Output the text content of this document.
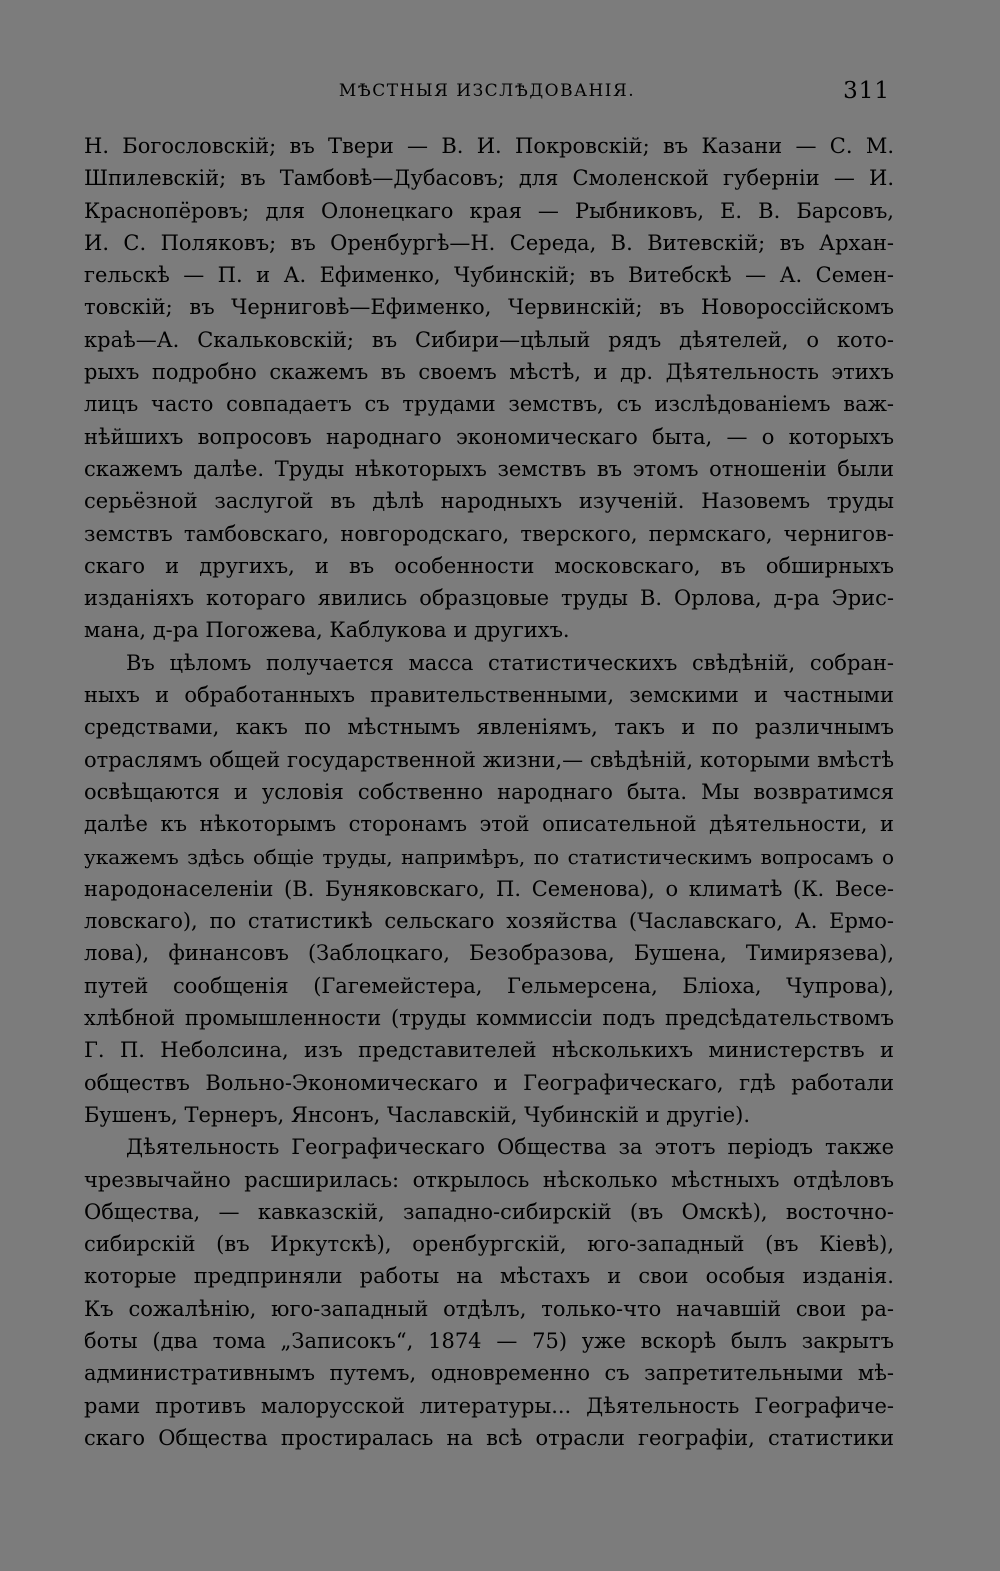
МѢСТНЫЯ ИЗСЛѢДОВАНІЯ.	311
Н. Богословскій; въ Твери — В. И. Покровскій; въ Казани — С. М.
Шпилевскій; въ Тамбовѣ—Дубасовъ; для Смоленской губерніи — И.
Краснопёровъ; для Олонецкаго края — Рыбниковъ, Е. В. Барсовъ,
И. С. Поляковъ; въ Оренбургѣ—Н. Середа, В. Витевскій; въ Архан-
гельскѣ — П. и А. Ефименко, Чубинскій; въ Витебскѣ — А. Семен-
товскій; въ Черниговѣ—Ефименко, Червинскій; въ Новороссійскомъ
краѣ—А. Скальковскій; въ Сибири—цѣлый рядъ дѣятелей, о кото-
рыхъ подробно скажемъ въ своемъ мѣстѣ, и др. Дѣятельность этихъ
лицъ часто совпадаетъ съ трудами земствъ, съ изслѣдованіемъ важ-
нѣйшихъ вопросовъ народнаго экономическаго быта, — о которыхъ
скажемъ далѣе. Труды нѣкоторыхъ земствъ въ этомъ отношеніи были
серьёзной заслугой въ дѣлѣ народныхъ изученій. Назовемъ труды
земствъ тамбовскаго, новгородскаго, тверского, пермскаго, чернигов-
скаго и другихъ, и въ особенности московскаго, въ обширныхъ
изданіяхъ котораго явились образцовые труды В. Орлова, д-ра Эрис-
мана, д-ра Погожева, Каблукова и другихъ.
Въ цѣломъ получается масса статистическихъ свѣдѣній, собран-
ныхъ и обработанныхъ правительственными, земскими и частными
средствами, какъ по мѣстнымъ явленіямъ, такъ и по различнымъ
отраслямъ общей государственной жизни,— свѣдѣній, которыми вмѣстѣ
освѣщаются и условія собственно народнаго быта. Мы возвратимся
далѣе къ нѣкоторымъ сторонамъ этой описательной дѣятельности, и
укажемъ здѣсь общіе труды, напримѣръ, по статистическимъ вопросамъ о
народонаселеніи (В. Буняковскаго, П. Семенова), о климатѣ (К. Весе-
ловскаго), по статистикѣ сельскаго хозяйства (Чаславскаго, А. Ермо-
лова), финансовъ (Заблоцкаго, Безобразова, Бушена, Тимирязева),
путей сообщенія (Гагемейстера, Гельмерсена, Бліоха, Чупрова),
хлѣбной промышленности (труды коммиссіи подъ предсѣдательствомъ
Г. П. Неболсина, изъ представителей нѣсколькихъ министерствъ и
обществъ Вольно-Экономическаго и Географическаго, гдѣ работали
Бушенъ, Тернеръ, Янсонъ, Чаславскій, Чубинскій и другіе).
Дѣятельность Географическаго Общества за этотъ періодъ также
чрезвычайно расширилась: открылось нѣсколько мѣстныхъ отдѣловъ
Общества, — кавказскій, западно-сибирскій (въ Омскѣ), восточно-
сибирскій (въ Иркутскѣ), оренбургскій, юго-западный (въ Кіевѣ),
которые предприняли работы на мѣстахъ и свои особыя изданія.
Къ сожалѣнію, юго-западный отдѣлъ, только-что начавшій свои ра-
боты (два тома „Записокъ“, 1874 — 75) уже вскорѣ былъ закрытъ
административнымъ путемъ, одновременно съ запретительными мѣ-
рами противъ малорусской литературы... Дѣятельность Географиче-
скаго Общества простиралась на всѣ отрасли географіи, статистики
